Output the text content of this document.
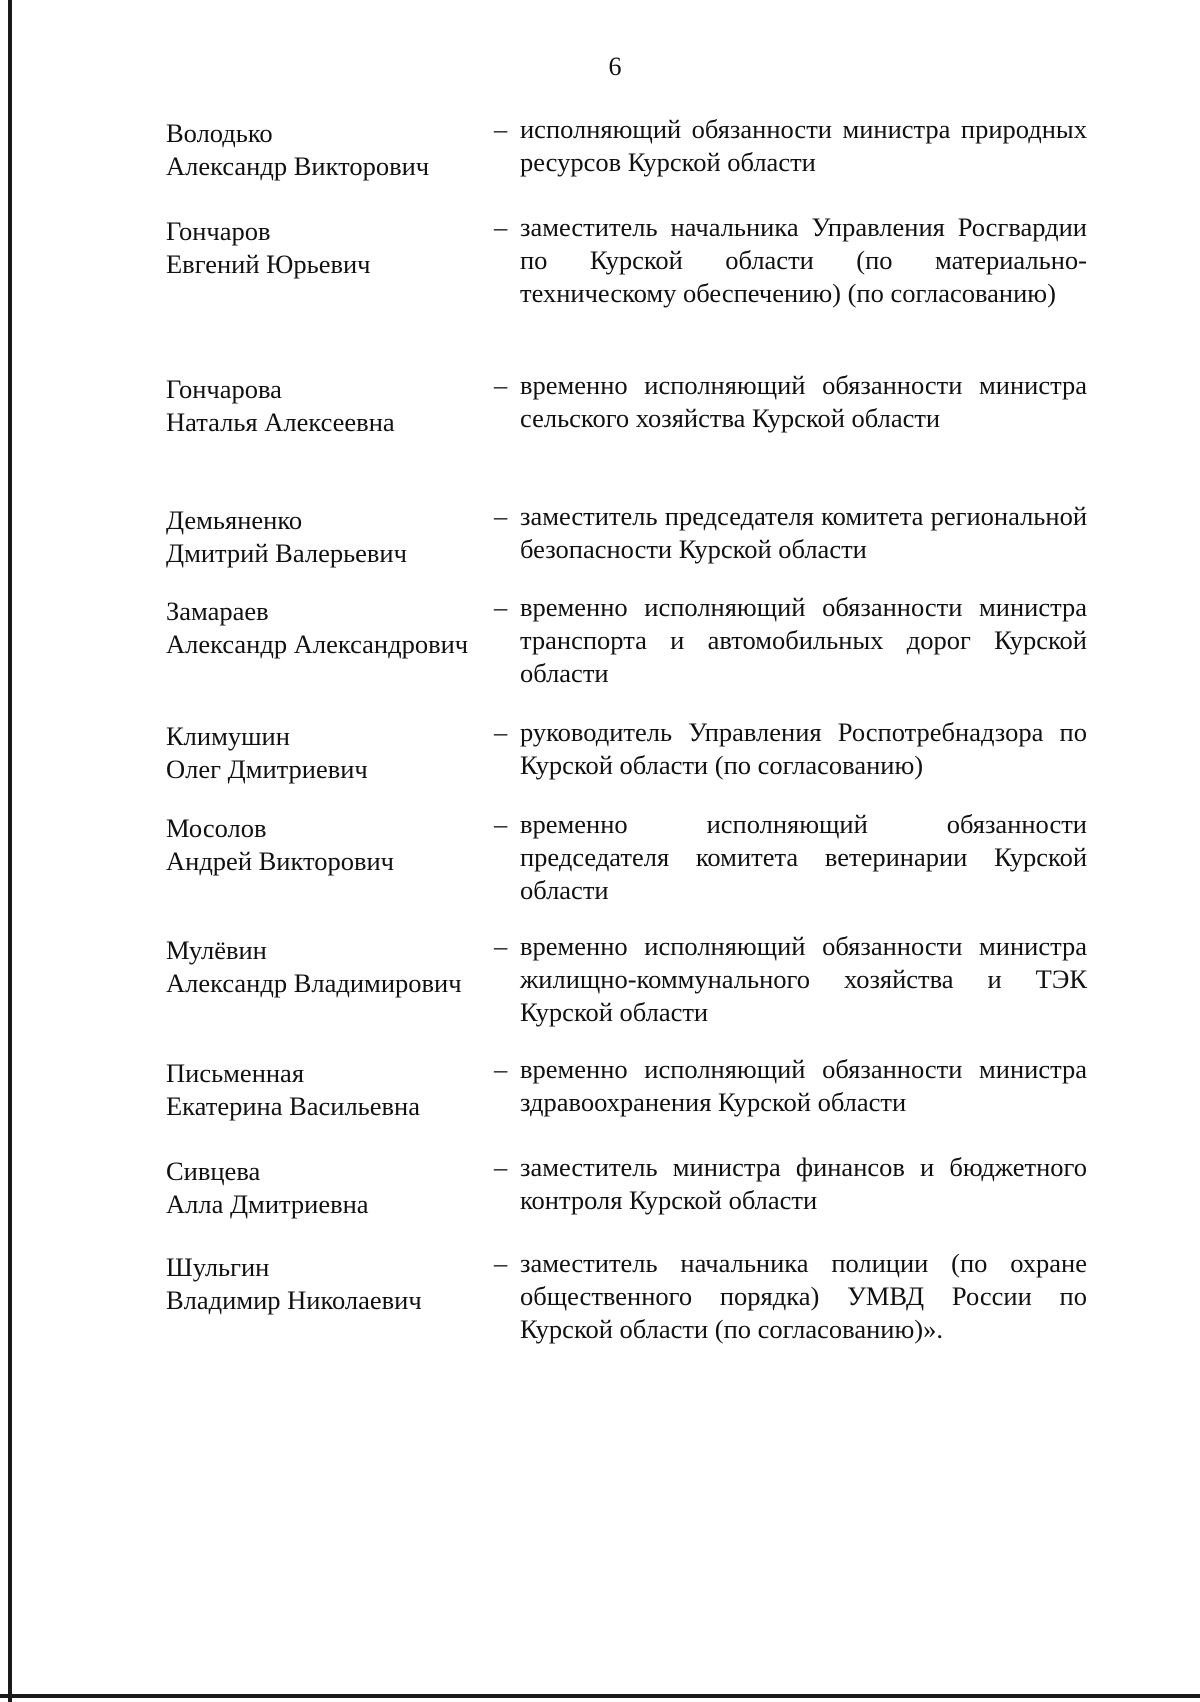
6
Володько
Александр Викторович
– исполняющий обязанности министра природных ресурсов Курской области
Гончаров
Евгений Юрьевич
– заместитель начальника Управления Росгвардии по Курской области (по материально-техническому обеспечению) (по согласованию)
Гончарова
Наталья Алексеевна
– временно исполняющий обязанности министра сельского хозяйства Курской области
Демьяненко
Дмитрий Валерьевич
– заместитель председателя комитета региональной безопасности Курской области
Замараев
Александр Александрович
– временно исполняющий обязанности министра транспорта и автомобильных дорог Курской области
Климушин
Олег Дмитриевич
– руководитель Управления Роспотребнадзора по Курской области (по согласованию)
Мосолов
Андрей Викторович
– временно исполняющий обязанности председателя комитета ветеринарии Курской области
Мулёвин
Александр Владимирович
– временно исполняющий обязанности министра жилищно-коммунального хозяйства и ТЭК Курской области
Письменная
Екатерина Васильевна
– временно исполняющий обязанности министра здравоохранения Курской области
Сивцева
Алла Дмитриевна
– заместитель министра финансов и бюджетного контроля Курской области
Шульгин
Владимир Николаевич
– заместитель начальника полиции (по охране общественного порядка) УМВД России по Курской области (по согласованию)».
